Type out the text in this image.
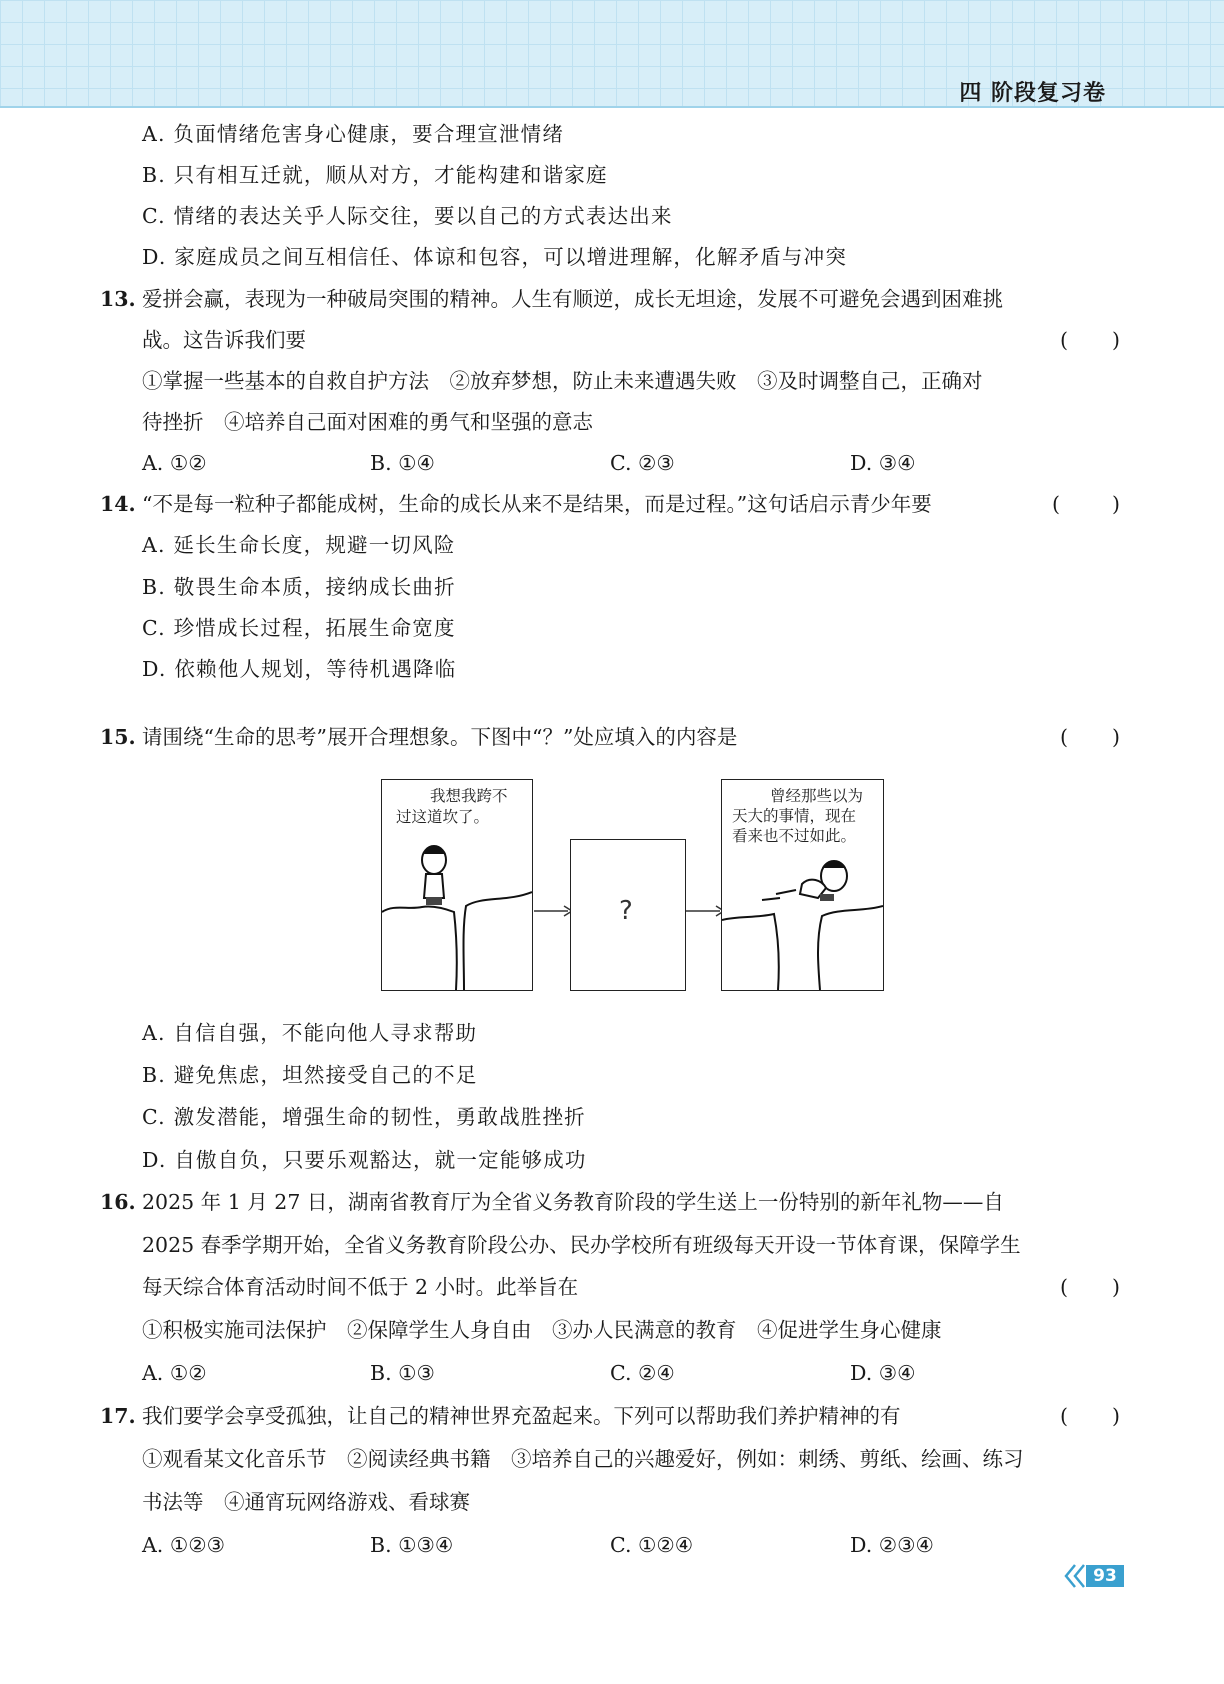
四 阶段复习卷
A. 负面情绪危害身心健康，要合理宣泄情绪
B. 只有相互迁就，顺从对方，才能构建和谐家庭
C. 情绪的表达关乎人际交往，要以自己的方式表达出来
D. 家庭成员之间互相信任、体谅和包容，可以增进理解，化解矛盾与冲突
13. 爱拼会赢，表现为一种破局突围的精神。人生有顺逆，成长无坦途，发展不可避免会遇到困难挑
战。这告诉我们要	( )
①掌握一些基本的自救自护方法　②放弃梦想，防止未来遭遇失败　③及时调整自己，正确对
待挫折　④培养自己面对困难的勇气和坚强的意志
A. ①②	B. ①④	C. ②③	D. ③④
14. “不是每一粒种子都能成树，生命的成长从来不是结果，而是过程。”这句话启示青少年要	(	)
A. 延长生命长度，规避一切风险
B. 敬畏生命本质，接纳成长曲折
C. 珍惜成长过程，拓展生命宽度
D. 依赖他人规划，等待机遇降临
15. 请围绕“生命的思考”展开合理想象。下图中“？”处应填入的内容是	( )
我想我跨不
过这道坎了。
?
曾经那些以为
天大的事情，现在
看来也不过如此。
A. 自信自强，不能向他人寻求帮助
B. 避免焦虑，坦然接受自己的不足
C. 激发潜能，增强生命的韧性，勇敢战胜挫折
D. 自傲自负，只要乐观豁达，就一定能够成功
16. 2025 年 1 月 27 日，湖南省教育厅为全省义务教育阶段的学生送上一份特别的新年礼物——自
2025 春季学期开始，全省义务教育阶段公办、民办学校所有班级每天开设一节体育课，保障学生
每天综合体育活动时间不低于 2 小时。此举旨在	( )
①积极实施司法保护　②保障学生人身自由　③办人民满意的教育　④促进学生身心健康
A. ①②	B. ①③	C. ②④	D. ③④
17. 我们要学会享受孤独，让自己的精神世界充盈起来。下列可以帮助我们养护精神的有	( )
①观看某文化音乐节　②阅读经典书籍　③培养自己的兴趣爱好，例如：刺绣、剪纸、绘画、练习
书法等　④通宵玩网络游戏、看球赛
A. ①②③	B. ①③④	C. ①②④	D. ②③④
93
